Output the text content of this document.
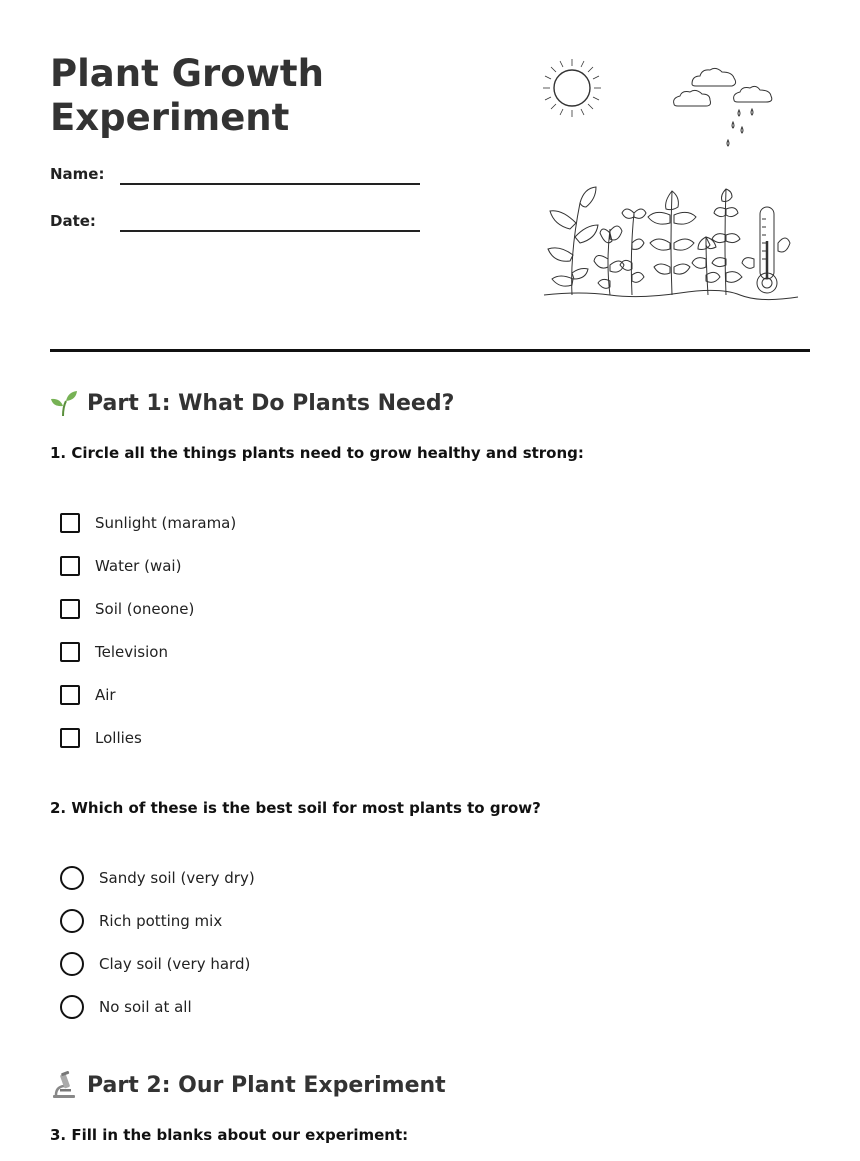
Plant Growth
Experiment
Name:
Date:
Part 1: What Do Plants Need?

1. Circle all the things plants need to grow healthy and strong:

Sunlight (marama)
Water (wai)
Soil (oneone)
Television
Air
Lollies

2. Which of these is the best soil for most plants to grow?

Sandy soil (very dry)
Rich potting mix
Clay soil (very hard)
No soil at all
Part 2: Our Plant Experiment

3. Fill in the blanks about our experiment:
